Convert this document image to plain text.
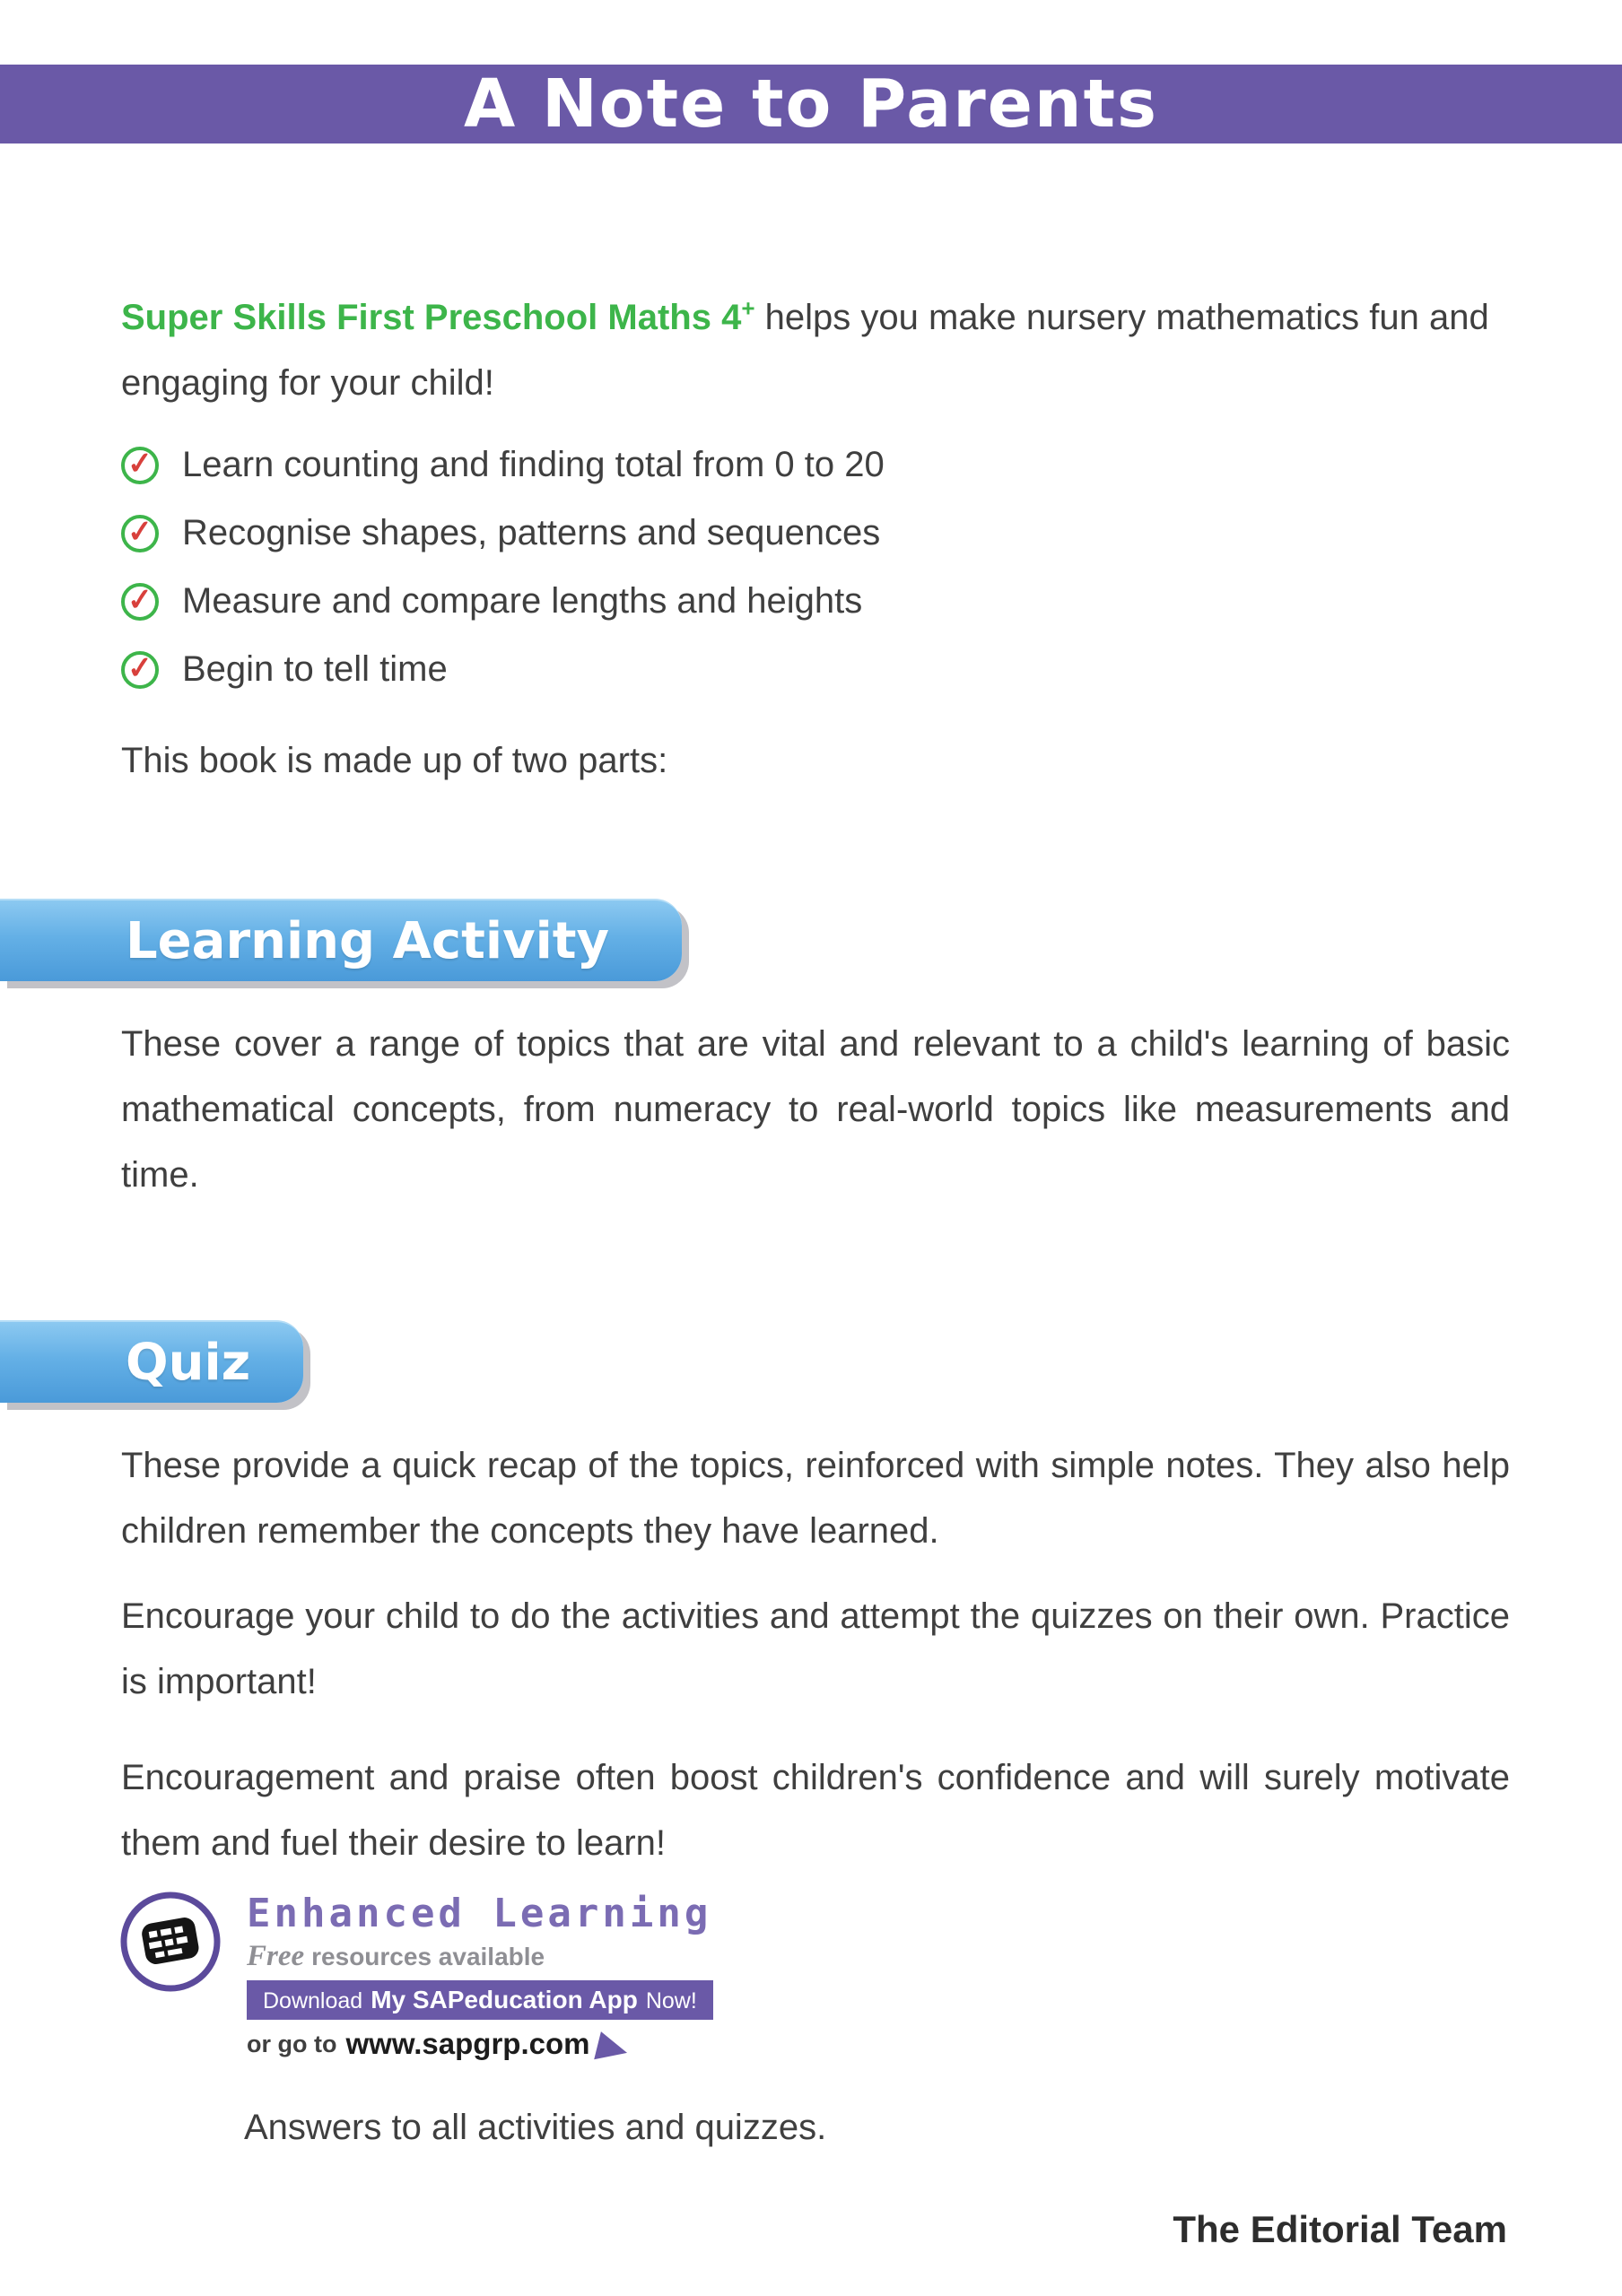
A Note to Parents

Super Skills First Preschool Maths 4+ helps you make nursery mathematics fun and engaging for your child!

✓ Learn counting and finding total from 0 to 20
✓ Recognise shapes, patterns and sequences
✓ Measure and compare lengths and heights
✓ Begin to tell time

This book is made up of two parts:

Learning Activity

These cover a range of topics that are vital and relevant to a child's learning of basic mathematical concepts, from numeracy to real-world topics like measurements and time.

Quiz

These provide a quick recap of the topics, reinforced with simple notes. They also help children remember the concepts they have learned.

Encourage your child to do the activities and attempt the quizzes on their own. Practice is important!

Encouragement and praise often boost children's confidence and will surely motivate them and fuel their desire to learn!

Enhanced Learning
Free resources available
Download My SAPeducation App Now!
or go to www.sapgrp.com

Answers to all activities and quizzes.

The Editorial Team
